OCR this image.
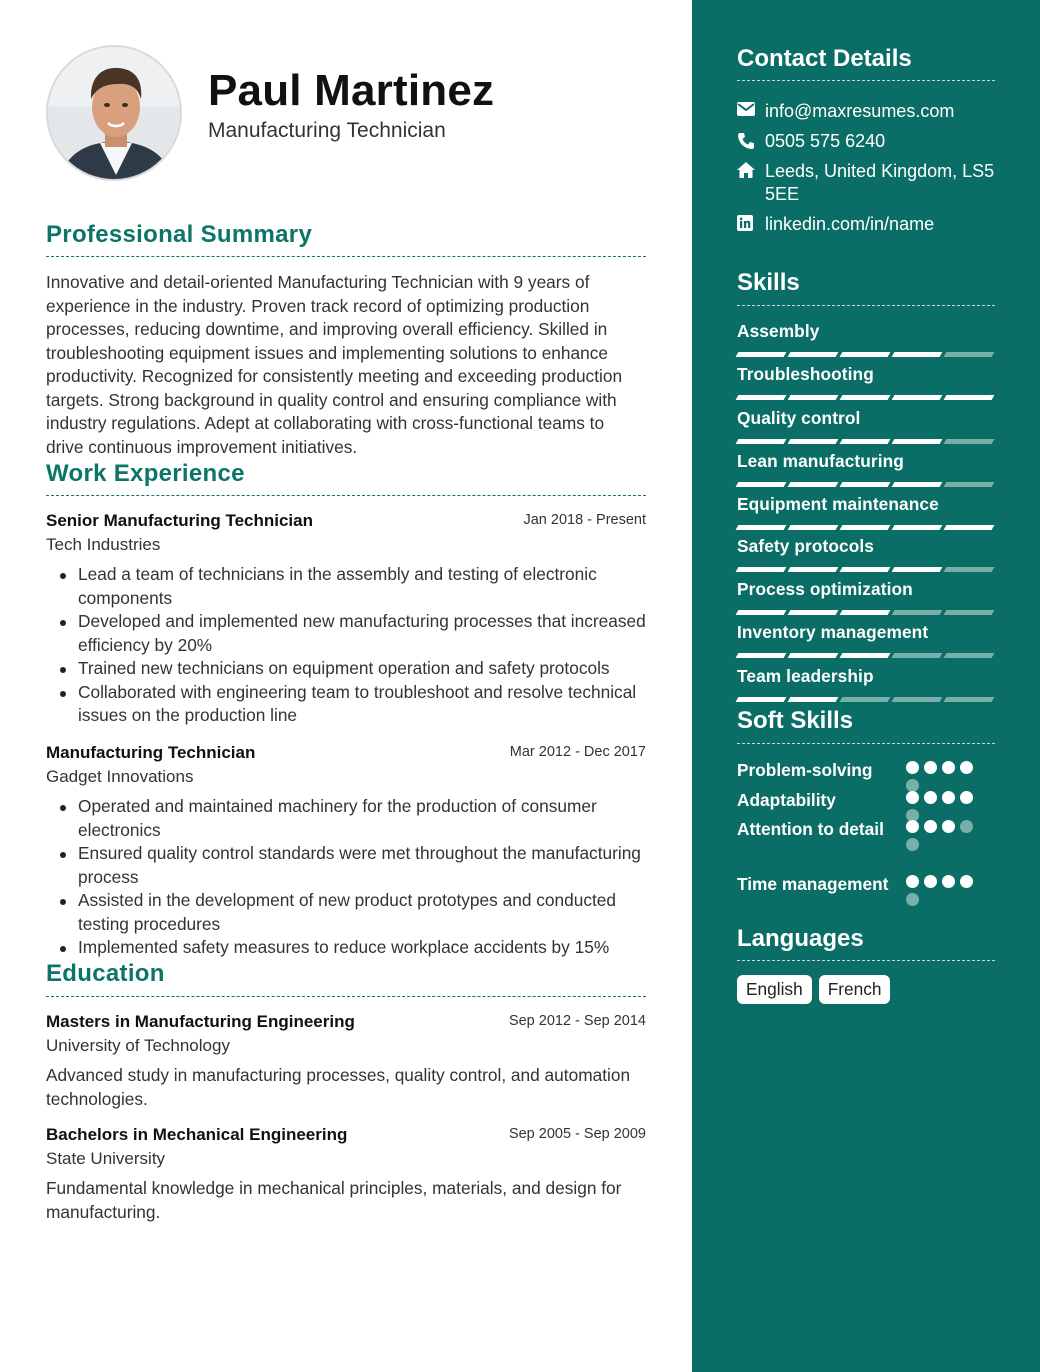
Paul Martinez
Manufacturing Technician
Professional Summary
Innovative and detail-oriented Manufacturing Technician with 9 years of experience in the industry. Proven track record of optimizing production processes, reducing downtime, and improving overall efficiency. Skilled in troubleshooting equipment issues and implementing solutions to enhance productivity. Recognized for consistently meeting and exceeding production targets. Strong background in quality control and ensuring compliance with industry regulations. Adept at collaborating with cross-functional teams to drive continuous improvement initiatives.
Work Experience
Senior Manufacturing Technician	Jan 2018 - Present
Tech Industries
Lead a team of technicians in the assembly and testing of electronic components
Developed and implemented new manufacturing processes that increased efficiency by 20%
Trained new technicians on equipment operation and safety protocols
Collaborated with engineering team to troubleshoot and resolve technical issues on the production line
Manufacturing Technician	Mar 2012 - Dec 2017
Gadget Innovations
Operated and maintained machinery for the production of consumer electronics
Ensured quality control standards were met throughout the manufacturing process
Assisted in the development of new product prototypes and conducted testing procedures
Implemented safety measures to reduce workplace accidents by 15%
Education
Masters in Manufacturing Engineering	Sep 2012 - Sep 2014
University of Technology
Advanced study in manufacturing processes, quality control, and automation technologies.
Bachelors in Mechanical Engineering	Sep 2005 - Sep 2009
State University
Fundamental knowledge in mechanical principles, materials, and design for manufacturing.
Contact Details
info@maxresumes.com
0505 575 6240
Leeds, United Kingdom, LS5 5EE
linkedin.com/in/name
Skills
Assembly
Troubleshooting
Quality control
Lean manufacturing
Equipment maintenance
Safety protocols
Process optimization
Inventory management
Team leadership
Soft Skills
Problem-solving
Adaptability
Attention to detail
Time management
Languages
English	French
